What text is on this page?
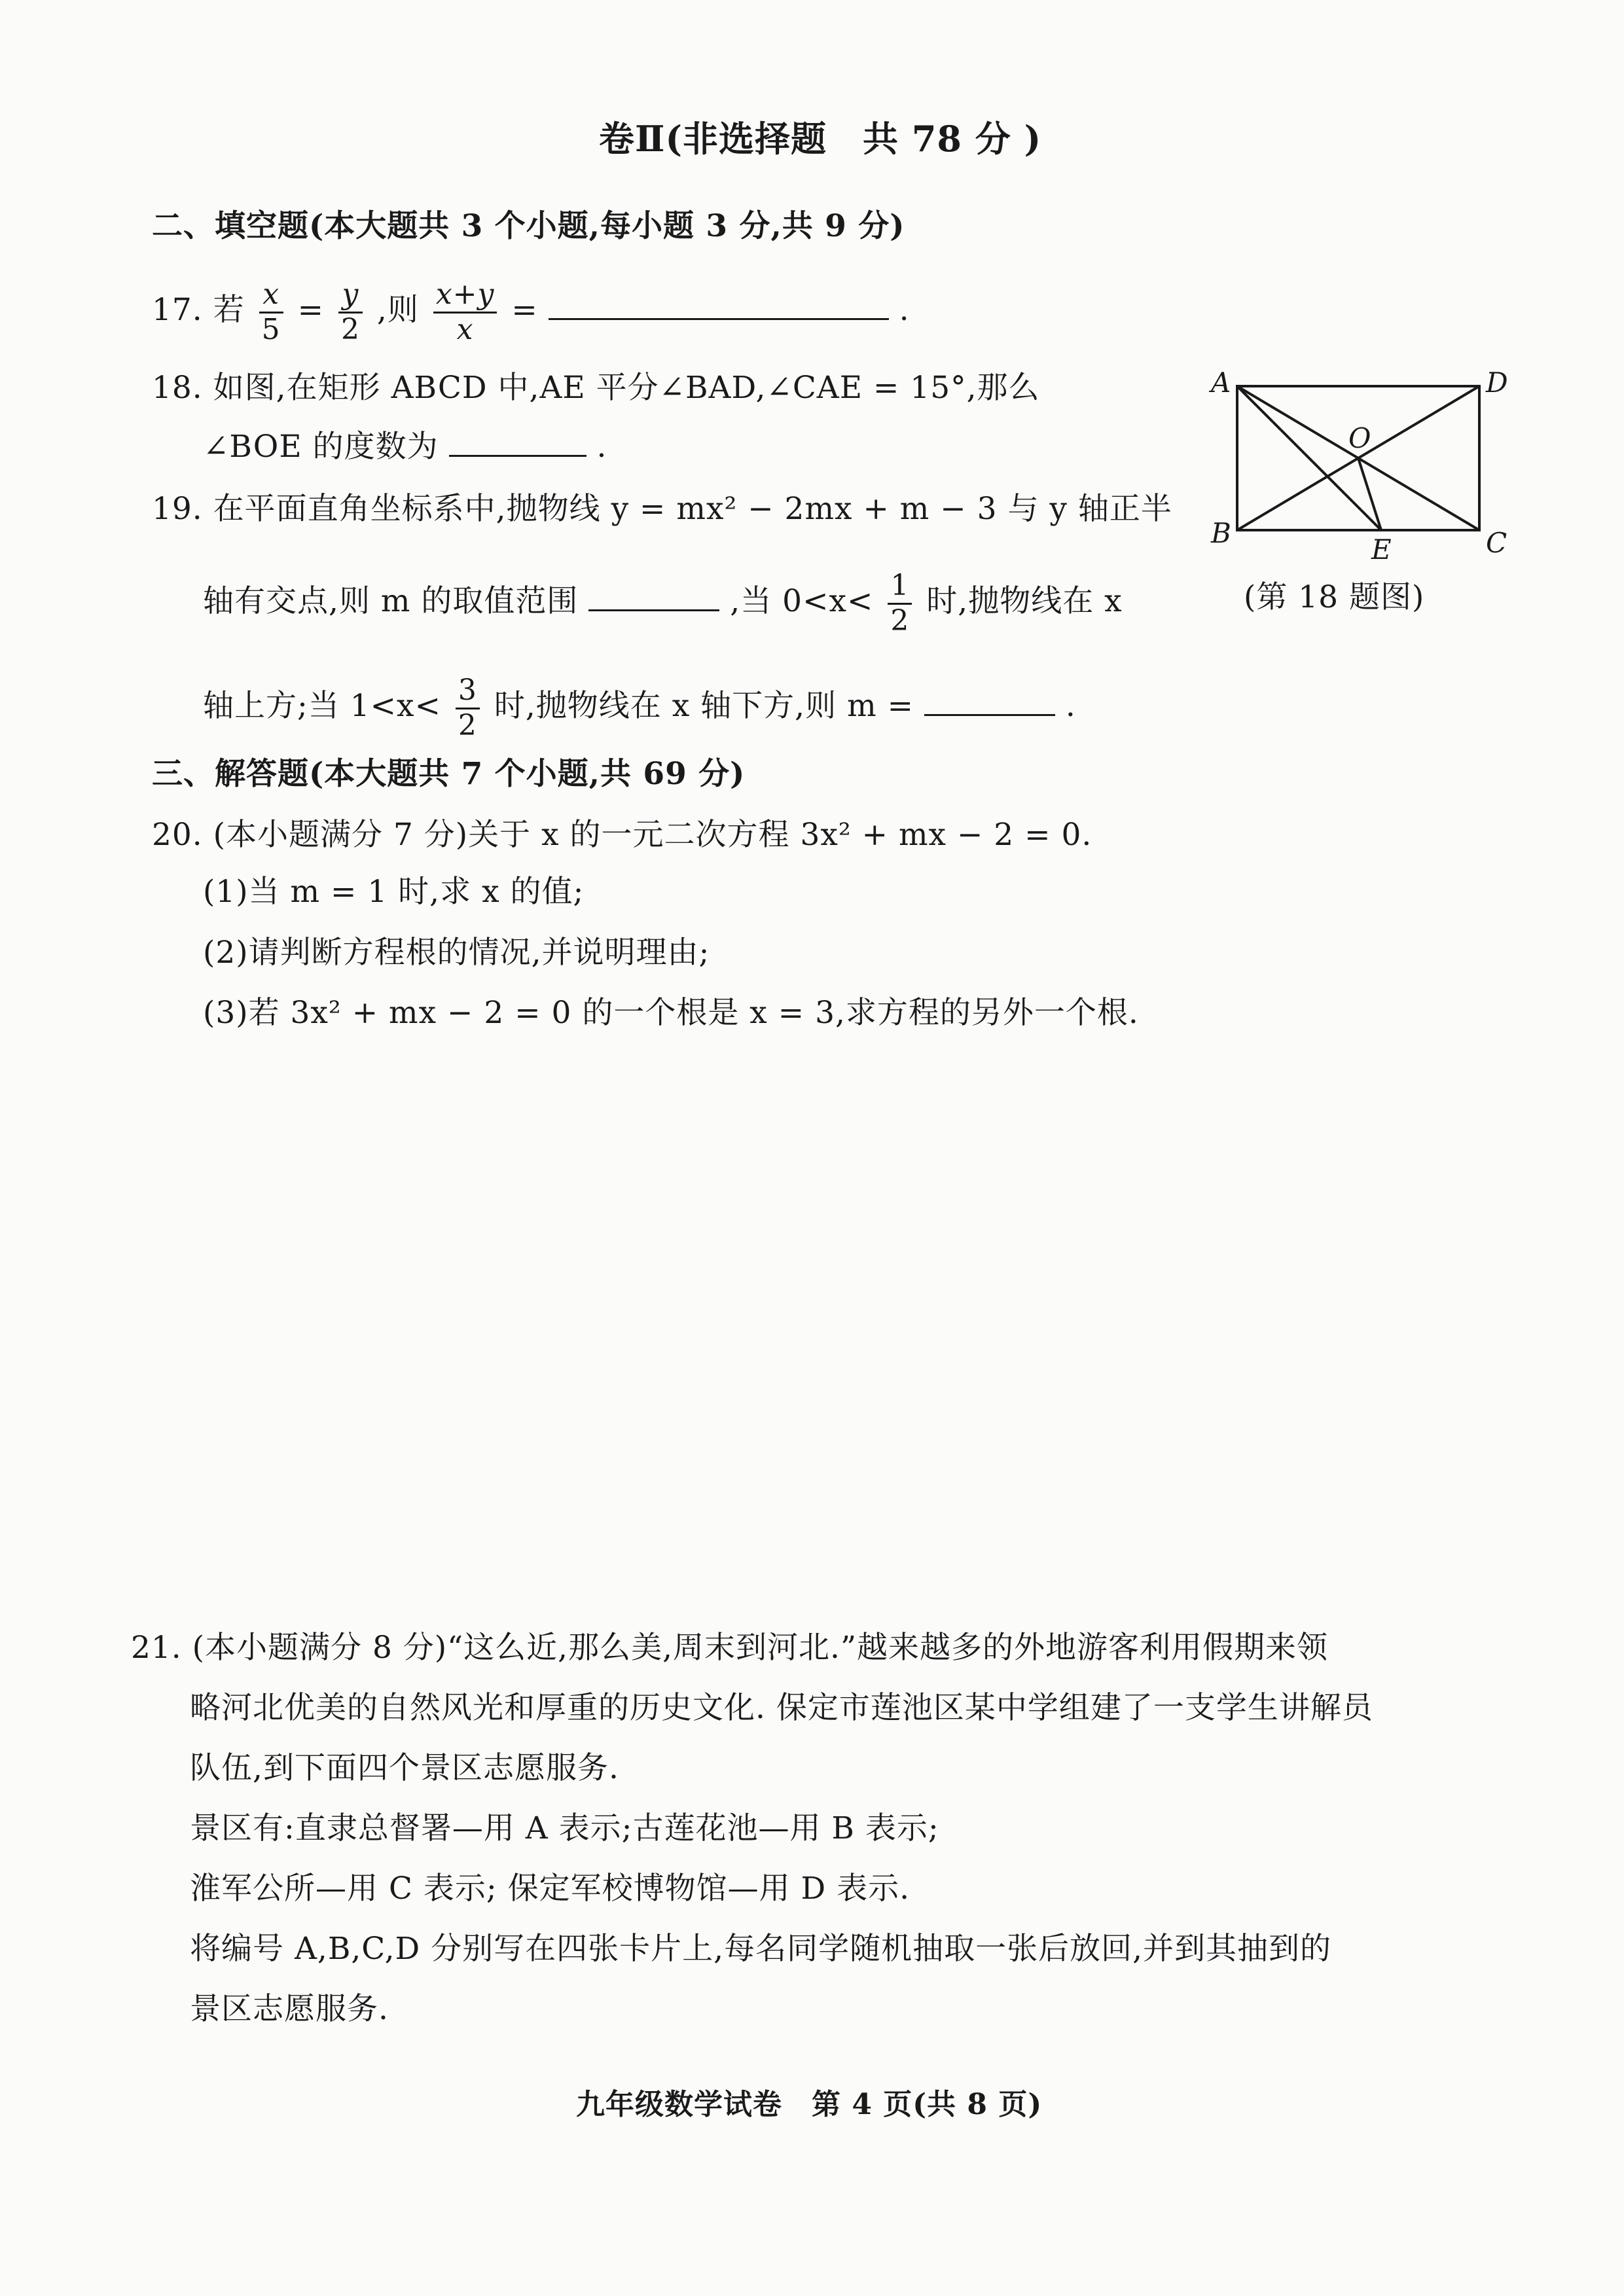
卷Ⅱ(非选择题　共 78 分 )
二、填空题(本大题共 3 个小题,每小题 3 分,共 9 分)
17. 若 $\frac{x}{5} = \frac{y}{2}$ ,则 $\frac{x+y}{x}$ =	.
18. 如图,在矩形 ABCD 中,AE 平分∠BAD,∠CAE = 15°,那么
∠BOE 的度数为	.
A	D
B	C
O
E
(第 18 题图)
19. 在平面直角坐标系中,抛物线 y = mx² − 2mx + m − 3 与 y 轴正半
轴有交点,则 m 的取值范围	,当 $0<x< \frac{1}{2}$ 时,抛物线在 x
轴上方;当 $1<x< \frac{3}{2}$ 时,抛物线在 x 轴下方,则 m =	.
三、解答题(本大题共 7 个小题,共 69 分)
20. (本小题满分 7 分)关于 x 的一元二次方程 3x² + mx − 2 = 0.
(1)当 m = 1 时,求 x 的值;
(2)请判断方程根的情况,并说明理由;
(3)若 3x² + mx − 2 = 0 的一个根是 x = 3,求方程的另外一个根.
21. (本小题满分 8 分)“这么近,那么美,周末到河北.”越来越多的外地游客利用假期来领
略河北优美的自然风光和厚重的历史文化. 保定市莲池区某中学组建了一支学生讲解员
队伍,到下面四个景区志愿服务.
景区有:直隶总督署—用 A 表示;古莲花池—用 B 表示;
淮军公所—用 C 表示; 保定军校博物馆—用 D 表示.
将编号 A,B,C,D 分别写在四张卡片上,每名同学随机抽取一张后放回,并到其抽到的
景区志愿服务.
九年级数学试卷　第 4 页(共 8 页)
